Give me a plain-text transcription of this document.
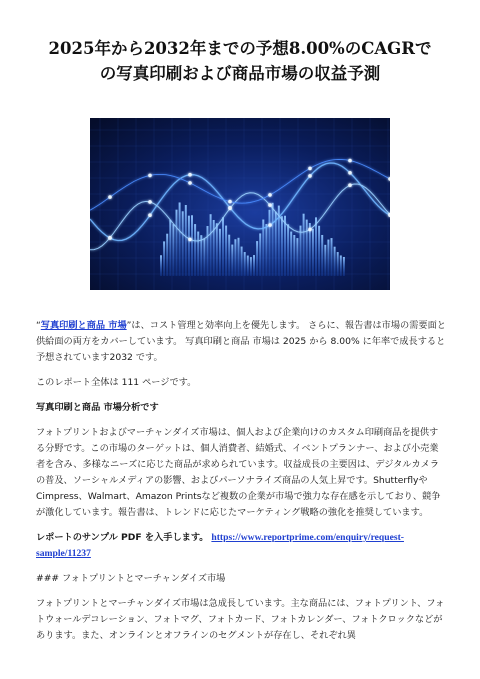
2025年から2032年までの予想8.00%のCAGRで
の写真印刷および商品市場の収益予測

“写真印刷と商品 市場”は、コスト管理と効率向上を優先します。 さらに、報告書は市場の需要面と供給面の両方をカバーしています。 写真印刷と商品 市場は 2025 から 8.00% に年率で成長すると予想されています2032 です。

このレポート全体は 111 ページです。

写真印刷と商品 市場分析です

フォトプリントおよびマーチャンダイズ市場は、個人および企業向けのカスタム印刷商品を提供する分野です。この市場のターゲットは、個人消費者、結婚式、イベントプランナー、および小売業者を含み、多様なニーズに応じた商品が求められています。収益成長の主要因は、デジタルカメラの普及、ソーシャルメディアの影響、およびパーソナライズ商品の人気上昇です。ShutterflyやCimpress、Walmart、Amazon Printsなど複数の企業が市場で強力な存在感を示しており、競争が激化しています。報告書は、トレンドに応じたマーケティング戦略の強化を推奨しています。

レポートのサンプル PDF を入手します。 https://www.reportprime.com/enquiry/request-sample/11237

### フォトプリントとマーチャンダイズ市場

フォトプリントとマーチャンダイズ市場は急成長しています。主な商品には、フォトプリント、フォトウォールデコレーション、フォトマグ、フォトカード、フォトカレンダー、フォトクロックなどがあります。また、オンラインとオフラインのセグメントが存在し、それぞれ異
